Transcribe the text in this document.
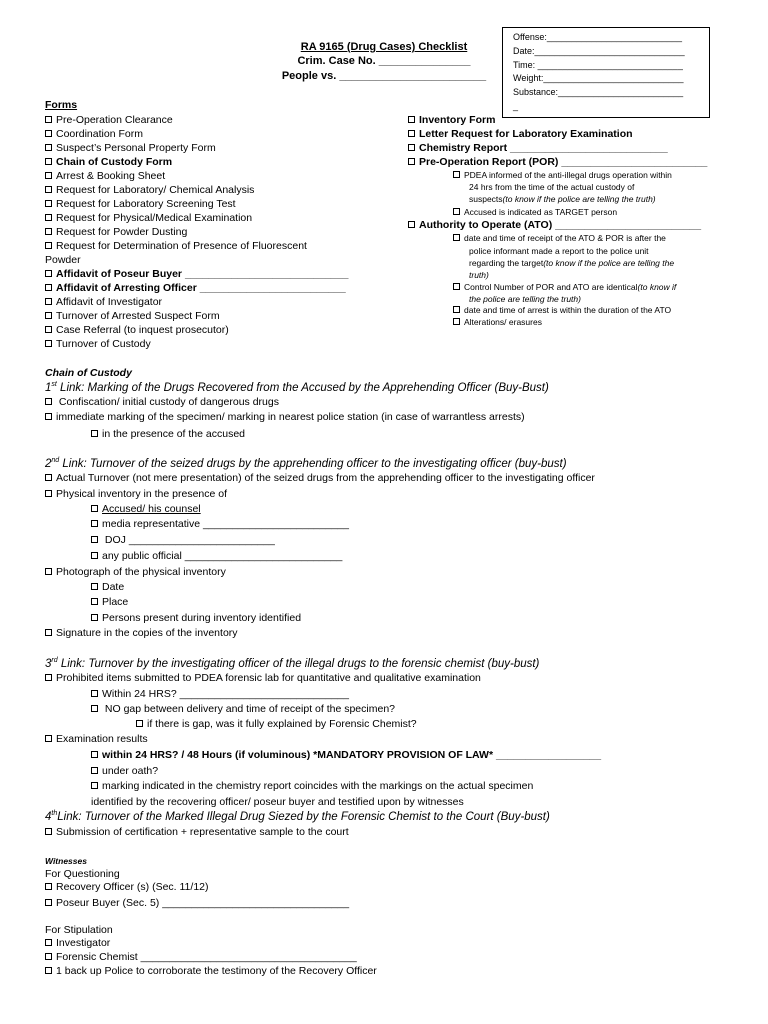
Offense:___________________________
Date:______________________________
Time: _____________________________
Weight:____________________________
Substance:_________________________
_
RA 9165 (Drug Cases) Checklist
Crim. Case No. _______________
People vs. ________________________
Forms
Pre-Operation Clearance
Coordination Form
Suspect’s Personal Property Form
Chain of Custody Form
Arrest & Booking Sheet
Request for Laboratory/ Chemical Analysis
Request for Laboratory Screening Test
Request for Physical/Medical Examination
Request for Powder Dusting
Request for Determination of Presence of Fluorescent
Powder
Affidavit of Poseur Buyer ____________________________
Affidavit of Arresting Officer _________________________
Affidavit of Investigator
Turnover of Arrested Suspect Form
Case Referral (to inquest prosecutor)
Turnover of Custody
Inventory Form
Letter Request for Laboratory Examination
Chemistry Report ___________________________
Pre-Operation Report (POR) _________________________
PDEA informed of the anti-illegal drugs operation within
24 hrs from the time of the actual custody of
suspects(to know if the police are telling the truth)
Accused is indicated as TARGET person
Authority to Operate (ATO) _________________________
date and time of receipt of the ATO & POR is after the
police informant made a report to the police unit
regarding the target(to know if the police are telling the
truth)
Control Number of POR and ATO are identical(to know if
the police are telling the truth)
date and time of arrest is within the duration of the ATO
Alterations/ erasures
Chain of Custody
1st Link: Marking of the Drugs Recovered from the Accused by the Apprehending Officer (Buy-Bust)
Confiscation/ initial custody of dangerous drugs
immediate marking of the specimen/ marking in nearest police station (in case of warrantless arrests)
in the presence of the accused
2nd Link: Turnover of the seized drugs by the apprehending officer to the investigating officer (buy-bust)
Actual Turnover (not mere presentation) of the seized drugs from the apprehending officer to the investigating officer
Physical inventory in the presence of
Accused/ his counsel
media representative _________________________
DOJ _________________________
any public official ___________________________
Photograph of the physical inventory
Date
Place
Persons present during inventory identified
Signature in the copies of the inventory
3rd Link: Turnover by the investigating officer of the illegal drugs to the forensic chemist (buy-bust)
Prohibited items submitted to PDEA forensic lab for quantitative and qualitative examination
Within 24 HRS? _____________________________
NO gap between delivery and time of receipt of the specimen?
if there is gap, was it fully explained by Forensic Chemist?
Examination results
within 24 HRS? / 48 Hours (if voluminous) *MANDATORY PROVISION OF LAW* __________________
under oath?
marking indicated in the chemistry report coincides with the markings on the actual specimen
identified by the recovering officer/ poseur buyer and testified upon by witnesses
4thLink: Turnover of the Marked Illegal Drug Siezed by the Forensic Chemist to the Court (Buy-bust)
Submission of certification + representative sample to the court
Witnesses
For Questioning
Recovery Officer (s) (Sec. 11/12)
Poseur Buyer (Sec. 5) ________________________________
For Stipulation
Investigator
Forensic Chemist _____________________________________
1 back up Police to corroborate the testimony of the Recovery Officer
